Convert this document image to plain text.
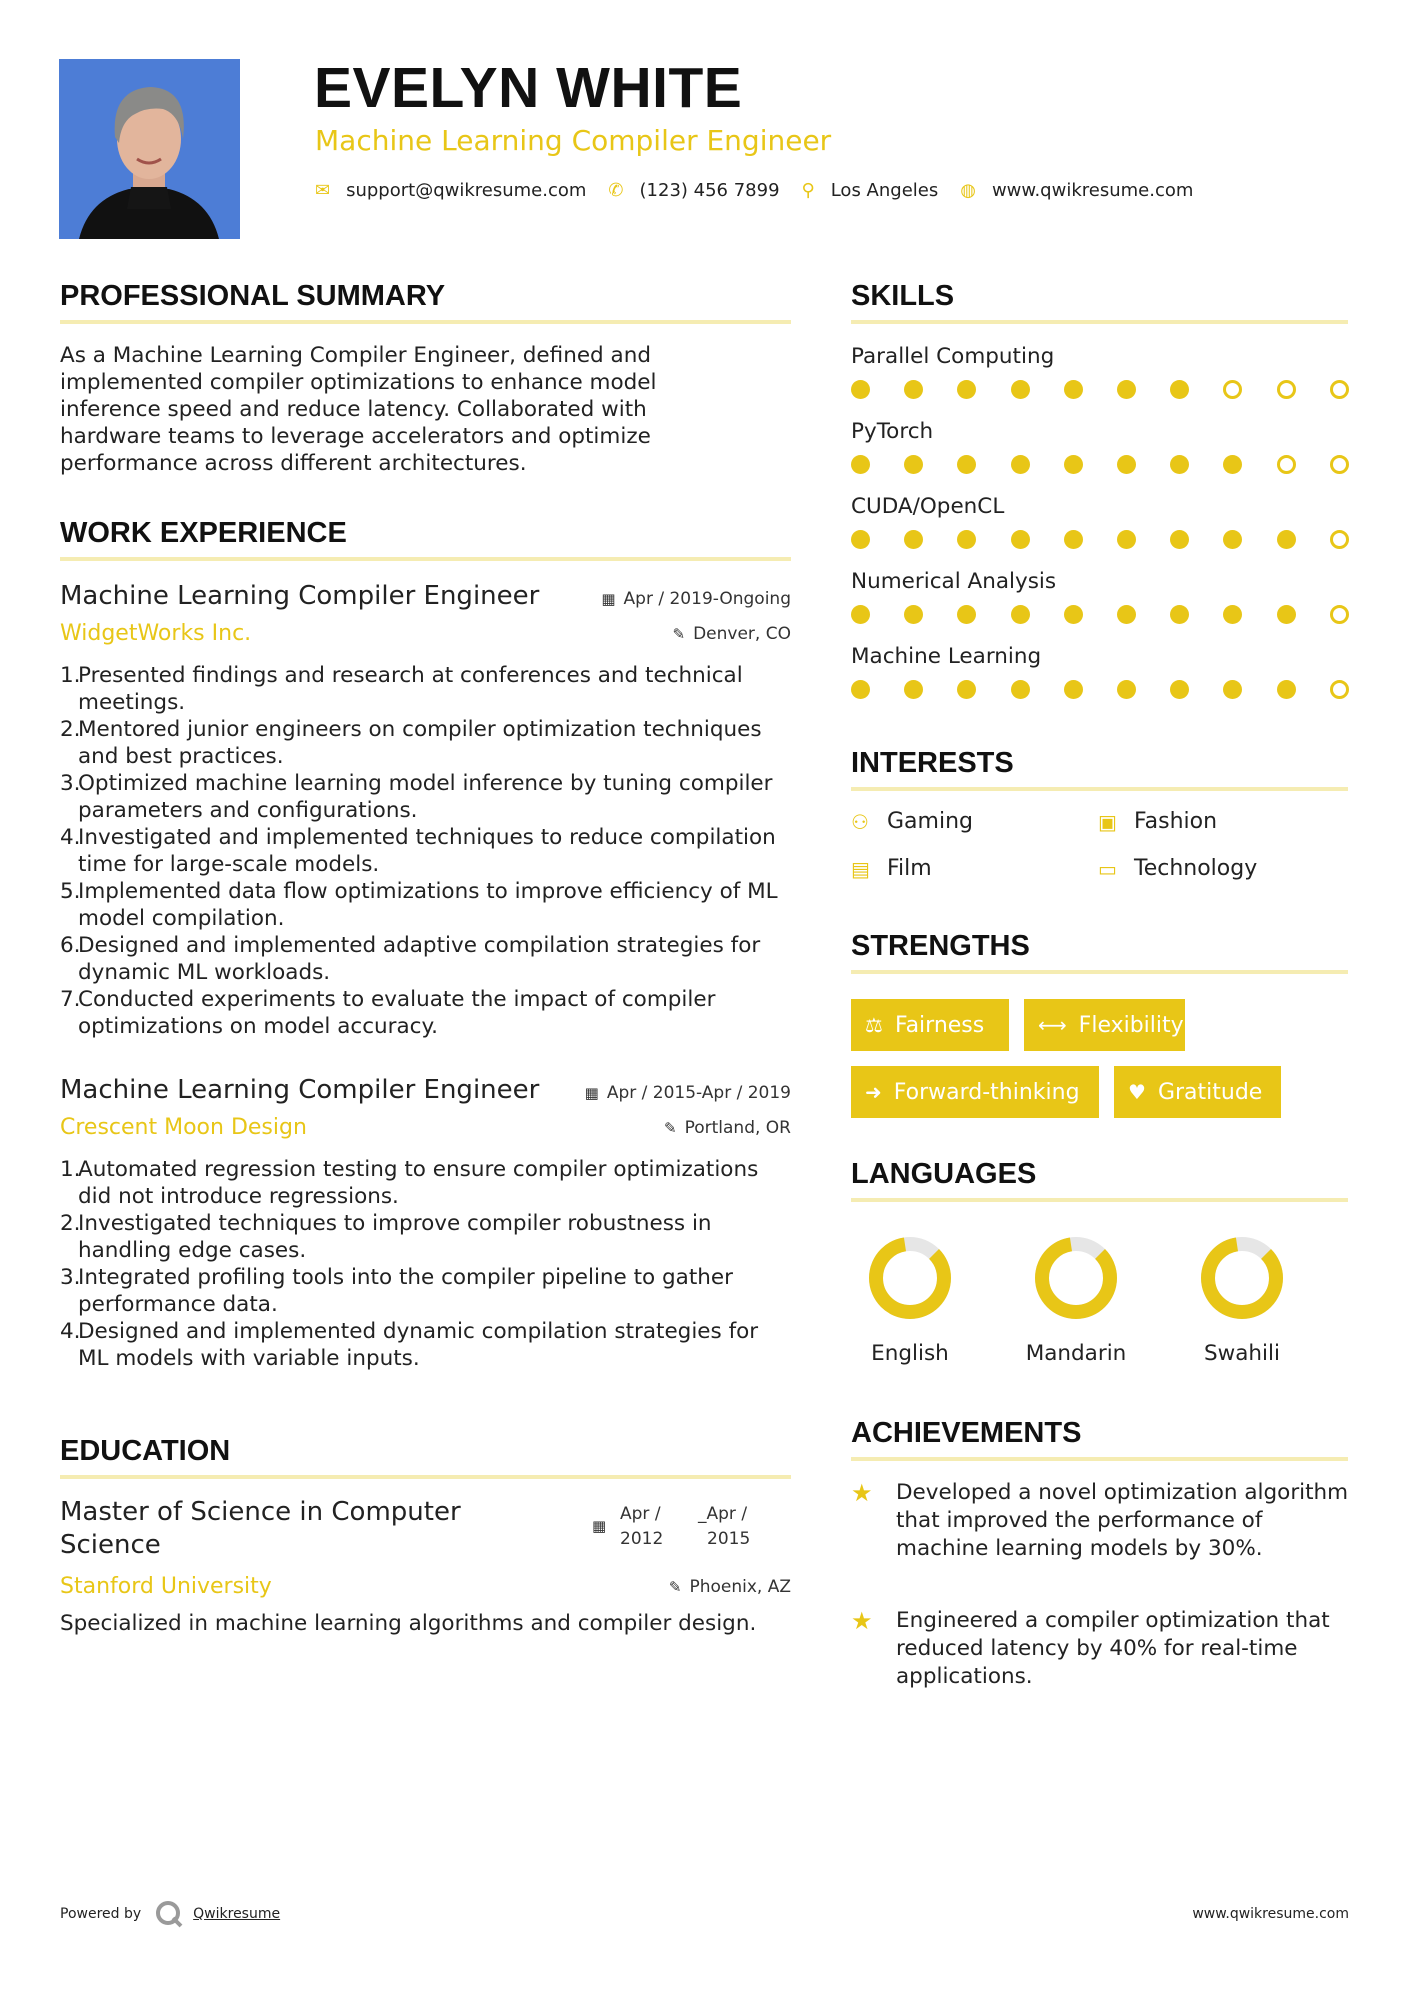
EVELYN WHITE
Machine Learning Compiler Engineer
✉ support@qwikresume.com ✆ (123) 456 7899 ⚲ Los Angeles ◍ www.qwikresume.com
PROFESSIONAL SUMMARY
As a Machine Learning Compiler Engineer, defined and implemented compiler optimizations to enhance model inference speed and reduce latency. Collaborated with hardware teams to leverage accelerators and optimize performance across different architectures.
WORK EXPERIENCE
Machine Learning Compiler Engineer	▦ Apr / 2019-Ongoing
WidgetWorks Inc.	✎ Denver, CO
1.
Presented findings and research at conferences and technical meetings.
2.
Mentored junior engineers on compiler optimization techniques and best practices.
3.
Optimized machine learning model inference by tuning compiler parameters and configurations.
4.
Investigated and implemented techniques to reduce compilation time for large-scale models.
5.
Implemented data flow optimizations to improve efficiency of ML model compilation.
6.
Designed and implemented adaptive compilation strategies for dynamic ML workloads.
7.
Conducted experiments to evaluate the impact of compiler optimizations on model accuracy.
Machine Learning Compiler Engineer	▦ Apr / 2015-Apr / 2019
Crescent Moon Design	✎ Portland, OR
1.
Automated regression testing to ensure compiler optimizations did not introduce regressions.
2.
Investigated techniques to improve compiler robustness in handling edge cases.
3.
Integrated profiling tools into the compiler pipeline to gather performance data.
4.
Designed and implemented dynamic compilation strategies for ML models with variable inputs.
EDUCATION
Master of Science in Computer
Science
▦
Apr /
2012
_Apr /
2015
Stanford University	✎ Phoenix, AZ
Specialized in machine learning algorithms and compiler design.
SKILLS
Parallel Computing
PyTorch
CUDA/OpenCL
Numerical Analysis
Machine Learning
INTERESTS
⚇ Gaming	▣ Fashion
▤ Film	▭ Technology
STRENGTHS
⚖ Fairness	⟷ Flexibility
➜ Forward-thinking ♥ Gratitude
LANGUAGES
English	Mandarin	Swahili
ACHIEVEMENTS
★	Developed a novel optimization algorithm that improved the performance of machine learning models by 30%.
★	Engineered a compiler optimization that reduced latency by 40% for real-time applications.
Powered by	Qwikresume	www.qwikresume.com
